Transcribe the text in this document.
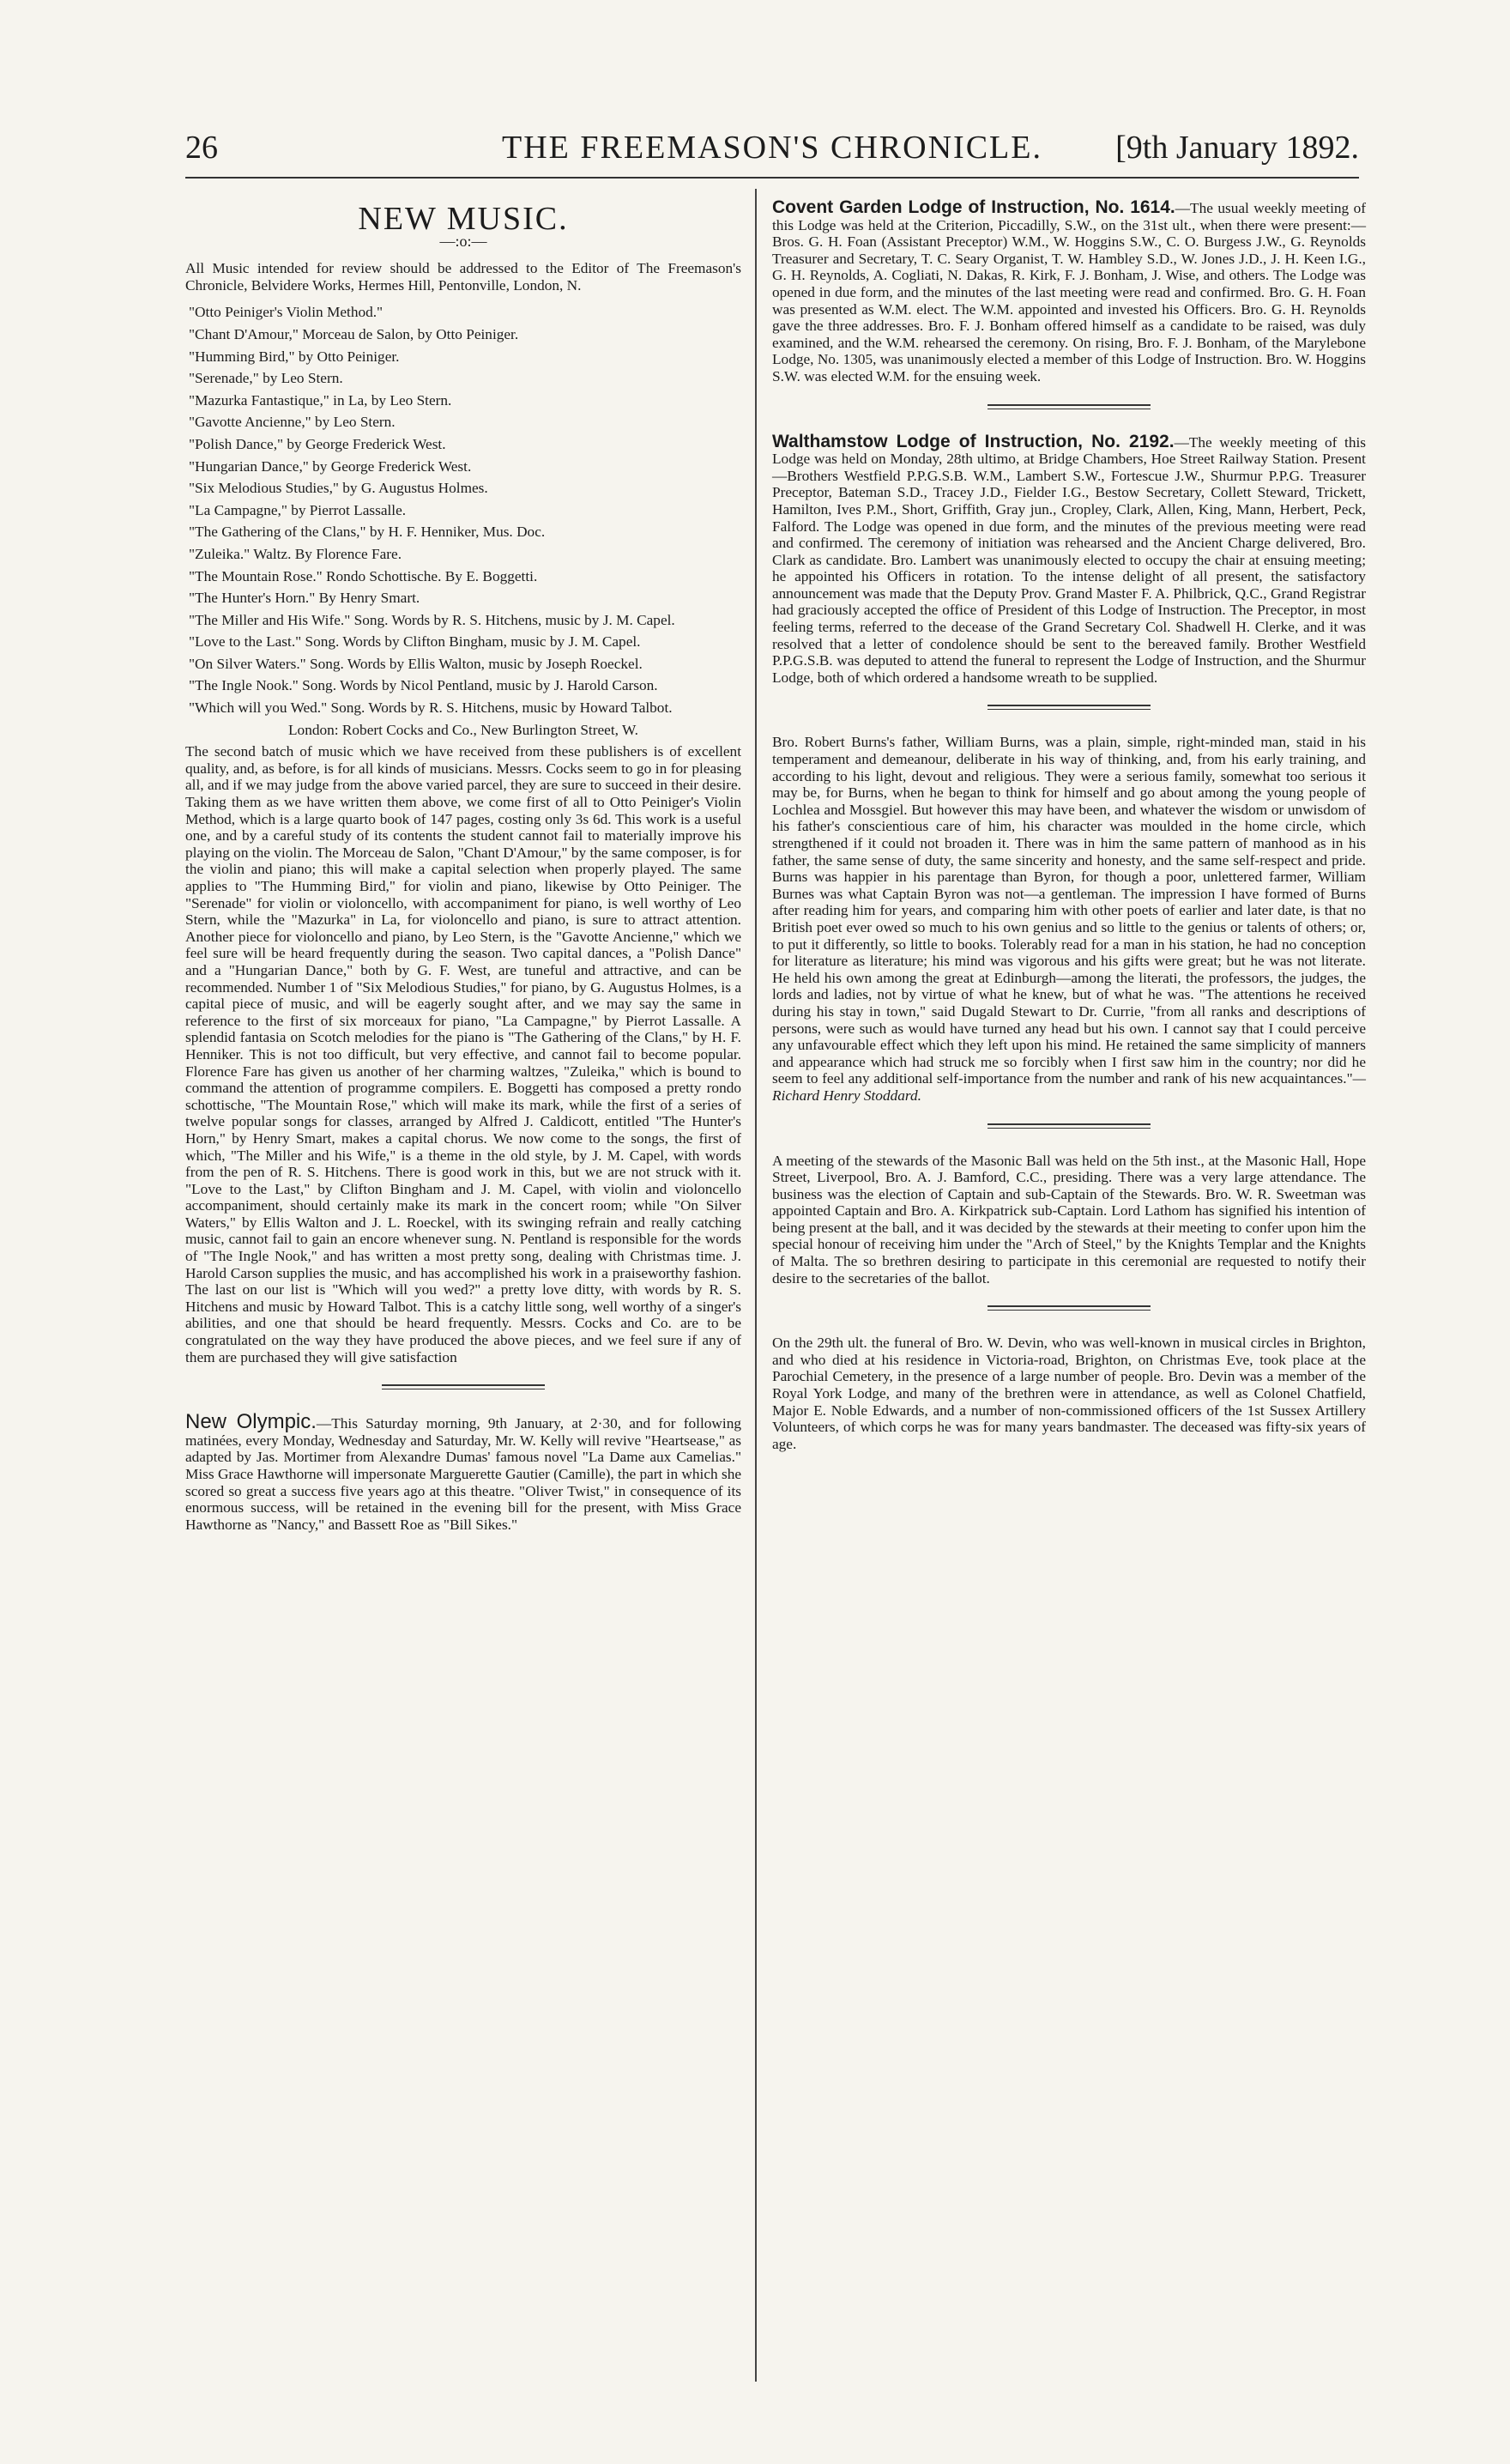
26	THE FREEMASON'S CHRONICLE.	[9th January 1892.
NEW MUSIC.
—:o:—

All Music intended for review should be addressed to the Editor of The Freemason's Chronicle, Belvidere Works, Hermes Hill, Pentonville, London, N.

"Otto Peiniger's Violin Method."

"Chant D'Amour," Morceau de Salon, by Otto Peiniger.

"Humming Bird," by Otto Peiniger.

"Serenade," by Leo Stern.

"Mazurka Fantastique," in La, by Leo Stern.

"Gavotte Ancienne," by Leo Stern.

"Polish Dance," by George Frederick West.

"Hungarian Dance," by George Frederick West.

"Six Melodious Studies," by G. Augustus Holmes.

"La Campagne," by Pierrot Lassalle.

"The Gathering of the Clans," by H. F. Henniker, Mus. Doc.

"Zuleika." Waltz. By Florence Fare.

"The Mountain Rose." Rondo Schottische. By E. Boggetti.

"The Hunter's Horn." By Henry Smart.

"The Miller and His Wife." Song. Words by R. S. Hitchens, music by J. M. Capel.

"Love to the Last." Song. Words by Clifton Bingham, music by J. M. Capel.

"On Silver Waters." Song. Words by Ellis Walton, music by Joseph Roeckel.

"The Ingle Nook." Song. Words by Nicol Pentland, music by J. Harold Carson.

"Which will you Wed." Song. Words by R. S. Hitchens, music by Howard Talbot.

London: Robert Cocks and Co., New Burlington Street, W.

The second batch of music which we have received from these publishers is of excellent quality, and, as before, is for all kinds of musicians. Messrs. Cocks seem to go in for pleasing all, and if we may judge from the above varied parcel, they are sure to succeed in their desire. Taking them as we have written them above, we come first of all to Otto Peiniger's Violin Method, which is a large quarto book of 147 pages, costing only 3s 6d. This work is a useful one, and by a careful study of its contents the student cannot fail to materially improve his playing on the violin. The Morceau de Salon, "Chant D'Amour," by the same composer, is for the violin and piano; this will make a capital selection when properly played. The same applies to "The Humming Bird," for violin and piano, likewise by Otto Peiniger. The "Serenade" for violin or violoncello, with accompaniment for piano, is well worthy of Leo Stern, while the "Mazurka" in La, for violoncello and piano, is sure to attract attention. Another piece for violoncello and piano, by Leo Stern, is the "Gavotte Ancienne," which we feel sure will be heard frequently during the season. Two capital dances, a "Polish Dance" and a "Hungarian Dance," both by G. F. West, are tuneful and attractive, and can be recommended. Number 1 of "Six Melodious Studies," for piano, by G. Augustus Holmes, is a capital piece of music, and will be eagerly sought after, and we may say the same in reference to the first of six morceaux for piano, "La Campagne," by Pierrot Lassalle. A splendid fantasia on Scotch melodies for the piano is "The Gathering of the Clans," by H. F. Henniker. This is not too difficult, but very effective, and cannot fail to become popular. Florence Fare has given us another of her charming waltzes, "Zuleika," which is bound to command the attention of programme compilers. E. Boggetti has composed a pretty rondo schottische, "The Mountain Rose," which will make its mark, while the first of a series of twelve popular songs for classes, arranged by Alfred J. Caldicott, entitled "The Hunter's Horn," by Henry Smart, makes a capital chorus. We now come to the songs, the first of which, "The Miller and his Wife," is a theme in the old style, by J. M. Capel, with words from the pen of R. S. Hitchens. There is good work in this, but we are not struck with it. "Love to the Last," by Clifton Bingham and J. M. Capel, with violin and violoncello accompaniment, should certainly make its mark in the concert room; while "On Silver Waters," by Ellis Walton and J. L. Roeckel, with its swinging refrain and really catching music, cannot fail to gain an encore whenever sung. N. Pentland is responsible for the words of "The Ingle Nook," and has written a most pretty song, dealing with Christmas time. J. Harold Carson supplies the music, and has accomplished his work in a praiseworthy fashion. The last on our list is "Which will you wed?" a pretty love ditty, with words by R. S. Hitchens and music by Howard Talbot. This is a catchy little song, well worthy of a singer's abilities, and one that should be heard frequently. Messrs. Cocks and Co. are to be congratulated on the way they have produced the above pieces, and we feel sure if any of them are purchased they will give satisfaction

New Olympic.—This Saturday morning, 9th January, at 2·30, and for following matinées, every Monday, Wednesday and Saturday, Mr. W. Kelly will revive "Heartsease," as adapted by Jas. Mortimer from Alexandre Dumas' famous novel "La Dame aux Camelias." Miss Grace Hawthorne will impersonate Marguerette Gautier (Camille), the part in which she scored so great a success five years ago at this theatre. "Oliver Twist," in consequence of its enormous success, will be retained in the evening bill for the present, with Miss Grace Hawthorne as "Nancy," and Bassett Roe as "Bill Sikes."

Covent Garden Lodge of Instruction, No. 1614.—The usual weekly meeting of this Lodge was held at the Criterion, Piccadilly, S.W., on the 31st ult., when there were present:—Bros. G. H. Foan (Assistant Preceptor) W.M., W. Hoggins S.W., C. O. Burgess J.W., G. Reynolds Treasurer and Secretary, T. C. Seary Organist, T. W. Hambley S.D., W. Jones J.D., J. H. Keen I.G., G. H. Reynolds, A. Cogliati, N. Dakas, R. Kirk, F. J. Bonham, J. Wise, and others. The Lodge was opened in due form, and the minutes of the last meeting were read and confirmed. Bro. G. H. Foan was presented as W.M. elect. The W.M. appointed and invested his Officers. Bro. G. H. Reynolds gave the three addresses. Bro. F. J. Bonham offered himself as a candidate to be raised, was duly examined, and the W.M. rehearsed the ceremony. On rising, Bro. F. J. Bonham, of the Marylebone Lodge, No. 1305, was unanimously elected a member of this Lodge of Instruction. Bro. W. Hoggins S.W. was elected W.M. for the ensuing week.

Walthamstow Lodge of Instruction, No. 2192.—The weekly meeting of this Lodge was held on Monday, 28th ultimo, at Bridge Chambers, Hoe Street Railway Station. Present—Brothers Westfield P.P.G.S.B. W.M., Lambert S.W., Fortescue J.W., Shurmur P.P.G. Treasurer Preceptor, Bateman S.D., Tracey J.D., Fielder I.G., Bestow Secretary, Collett Steward, Trickett, Hamilton, Ives P.M., Short, Griffith, Gray jun., Cropley, Clark, Allen, King, Mann, Herbert, Peck, Falford. The Lodge was opened in due form, and the minutes of the previous meeting were read and confirmed. The ceremony of initiation was rehearsed and the Ancient Charge delivered, Bro. Clark as candidate. Bro. Lambert was unanimously elected to occupy the chair at ensuing meeting; he appointed his Officers in rotation. To the intense delight of all present, the satisfactory announcement was made that the Deputy Prov. Grand Master F. A. Philbrick, Q.C., Grand Registrar had graciously accepted the office of President of this Lodge of Instruction. The Preceptor, in most feeling terms, referred to the decease of the Grand Secretary Col. Shadwell H. Clerke, and it was resolved that a letter of condolence should be sent to the bereaved family. Brother Westfield P.P.G.S.B. was deputed to attend the funeral to represent the Lodge of Instruction, and the Shurmur Lodge, both of which ordered a handsome wreath to be supplied.

Bro. Robert Burns's father, William Burns, was a plain, simple, right-minded man, staid in his temperament and demeanour, deliberate in his way of thinking, and, from his early training, and according to his light, devout and religious. They were a serious family, somewhat too serious it may be, for Burns, when he began to think for himself and go about among the young people of Lochlea and Mossgiel. But however this may have been, and whatever the wisdom or unwisdom of his father's conscientious care of him, his character was moulded in the home circle, which strengthened if it could not broaden it. There was in him the same pattern of manhood as in his father, the same sense of duty, the same sincerity and honesty, and the same self-respect and pride. Burns was happier in his parentage than Byron, for though a poor, unlettered farmer, William Burnes was what Captain Byron was not—a gentleman. The impression I have formed of Burns after reading him for years, and comparing him with other poets of earlier and later date, is that no British poet ever owed so much to his own genius and so little to the genius or talents of others; or, to put it differently, so little to books. Tolerably read for a man in his station, he had no conception for literature as literature; his mind was vigorous and his gifts were great; but he was not literate. He held his own among the great at Edinburgh—among the literati, the professors, the judges, the lords and ladies, not by virtue of what he knew, but of what he was. "The attentions he received during his stay in town," said Dugald Stewart to Dr. Currie, "from all ranks and descriptions of persons, were such as would have turned any head but his own. I cannot say that I could perceive any unfavourable effect which they left upon his mind. He retained the same simplicity of manners and appearance which had struck me so forcibly when I first saw him in the country; nor did he seem to feel any additional self-importance from the number and rank of his new acquaintances."—Richard Henry Stoddard.

A meeting of the stewards of the Masonic Ball was held on the 5th inst., at the Masonic Hall, Hope Street, Liverpool, Bro. A. J. Bamford, C.C., presiding. There was a very large attendance. The business was the election of Captain and sub-Captain of the Stewards. Bro. W. R. Sweetman was appointed Captain and Bro. A. Kirkpatrick sub-Captain. Lord Lathom has signified his intention of being present at the ball, and it was decided by the stewards at their meeting to confer upon him the special honour of receiving him under the "Arch of Steel," by the Knights Templar and the Knights of Malta. The so brethren desiring to participate in this ceremonial are requested to notify their desire to the secretaries of the ballot.

On the 29th ult. the funeral of Bro. W. Devin, who was well-known in musical circles in Brighton, and who died at his residence in Victoria-road, Brighton, on Christmas Eve, took place at the Parochial Cemetery, in the presence of a large number of people. Bro. Devin was a member of the Royal York Lodge, and many of the brethren were in attendance, as well as Colonel Chatfield, Major E. Noble Edwards, and a number of non-commissioned officers of the 1st Sussex Artillery Volunteers, of which corps he was for many years bandmaster. The deceased was fifty-six years of age.
